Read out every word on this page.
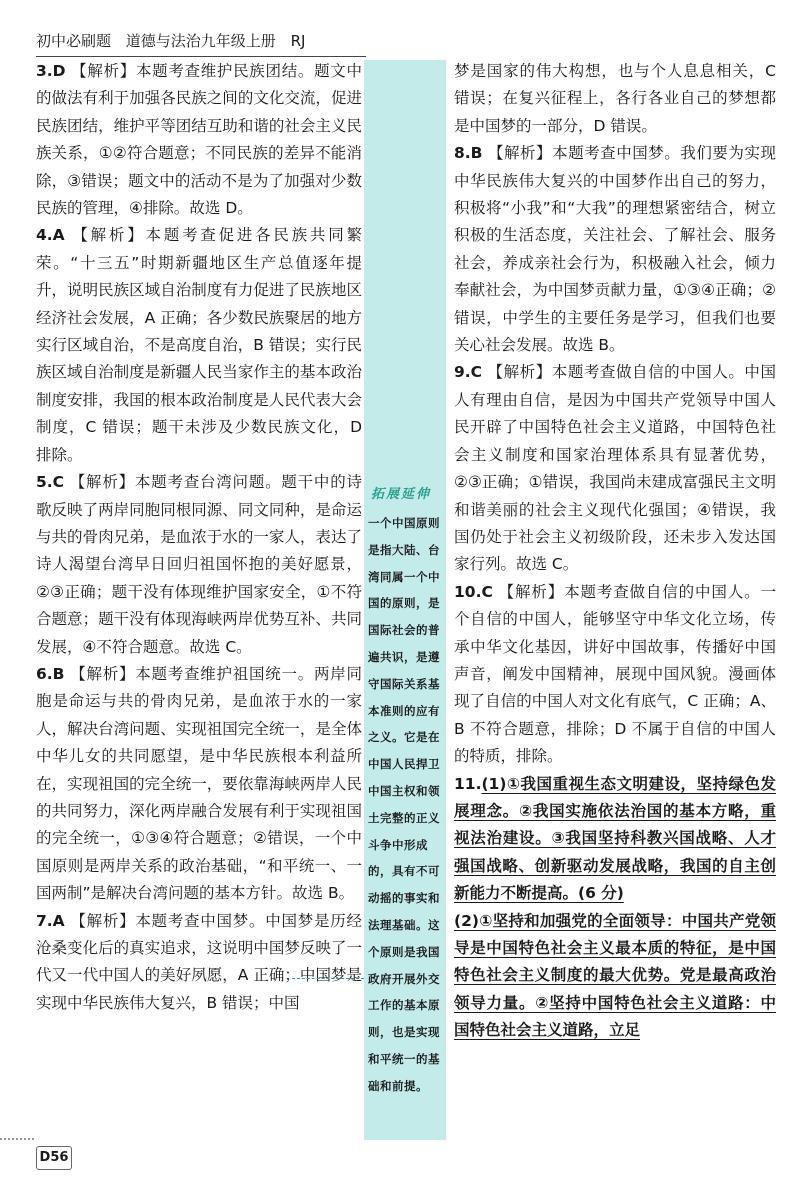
初中必刷题 道德与法治九年级上册 RJ

3.D 【解析】本题考查维护民族团结。题文中的做法有利于加强各民族之间的文化交流，促进民族团结，维护平等团结互助和谐的社会主义民族关系，①②符合题意；不同民族的差异不能消除，③错误；题文中的活动不是为了加强对少数民族的管理，④排除。故选 D。

4.A 【解析】本题考查促进各民族共同繁荣。“十三五”时期新疆地区生产总值逐年提升，说明民族区域自治制度有力促进了民族地区经济社会发展，A 正确；各少数民族聚居的地方实行区域自治，不是高度自治，B 错误；实行民族区域自治制度是新疆人民当家作主的基本政治制度安排，我国的根本政治制度是人民代表大会制度，C 错误；题干未涉及少数民族文化，D 排除。

5.C 【解析】本题考查台湾问题。题干中的诗歌反映了两岸同胞同根同源、同文同种，是命运与共的骨肉兄弟，是血浓于水的一家人，表达了诗人渴望台湾早日回归祖国怀抱的美好愿景，②③正确；题干没有体现维护国家安全，①不符合题意；题干没有体现海峡两岸优势互补、共同发展，④不符合题意。故选 C。

6.B 【解析】本题考查维护祖国统一。两岸同胞是命运与共的骨肉兄弟，是血浓于水的一家人，解决台湾问题、实现祖国完全统一，是全体中华儿女的共同愿望，是中华民族根本利益所在，实现祖国的完全统一，要依靠海峡两岸人民的共同努力，深化两岸融合发展有利于实现祖国的完全统一，①③④符合题意；②错误，一个中国原则是两岸关系的政治基础，“和平统一、一国两制”是解决台湾问题的基本方针。故选 B。

7.A 【解析】本题考查中国梦。中国梦是历经沧桑变化后的真实追求，这说明中国梦反映了一代又一代中国人的美好夙愿，A 正确；中国梦是实现中华民族伟大复兴，B 错误；中国

拓展延伸
一个中国原则是指大陆、台湾同属一个中国的原则，是国际社会的普遍共识，是遵守国际关系基本准则的应有之义。它是在中国人民捍卫中国主权和领土完整的正义斗争中形成的，具有不可动摇的事实和法理基础。这个原则是我国政府开展外交工作的基本原则，也是实现和平统一的基础和前提。

梦是国家的伟大构想，也与个人息息相关，C 错误；在复兴征程上，各行各业自己的梦想都是中国梦的一部分，D 错误。

8.B 【解析】本题考查中国梦。我们要为实现中华民族伟大复兴的中国梦作出自己的努力，积极将“小我”和“大我”的理想紧密结合，树立积极的生活态度，关注社会、了解社会、服务社会，养成亲社会行为，积极融入社会，倾力奉献社会，为中国梦贡献力量，①③④正确；②错误，中学生的主要任务是学习，但我们也要关心社会发展。故选 B。

9.C 【解析】本题考查做自信的中国人。中国人有理由自信，是因为中国共产党领导中国人民开辟了中国特色社会主义道路，中国特色社会主义制度和国家治理体系具有显著优势，②③正确；①错误，我国尚未建成富强民主文明和谐美丽的社会主义现代化强国；④错误，我国仍处于社会主义初级阶段，还未步入发达国家行列。故选 C。

10.C 【解析】本题考查做自信的中国人。一个自信的中国人，能够坚守中华文化立场，传承中华文化基因，讲好中国故事，传播好中国声音，阐发中国精神，展现中国风貌。漫画体现了自信的中国人对文化有底气，C 正确；A、B 不符合题意，排除；D 不属于自信的中国人的特质，排除。

11.(1)①我国重视生态文明建设，坚持绿色发展理念。②我国实施依法治国的基本方略，重视法治建设。③我国坚持科教兴国战略、人才强国战略、创新驱动发展战略，我国的自主创新能力不断提高。(6 分)

(2)①坚持和加强党的全面领导：中国共产党领导是中国特色社会主义最本质的特征，是中国特色社会主义制度的最大优势。党是最高政治领导力量。②坚持中国特色社会主义道路：中国特色社会主义道路，立足

D56
